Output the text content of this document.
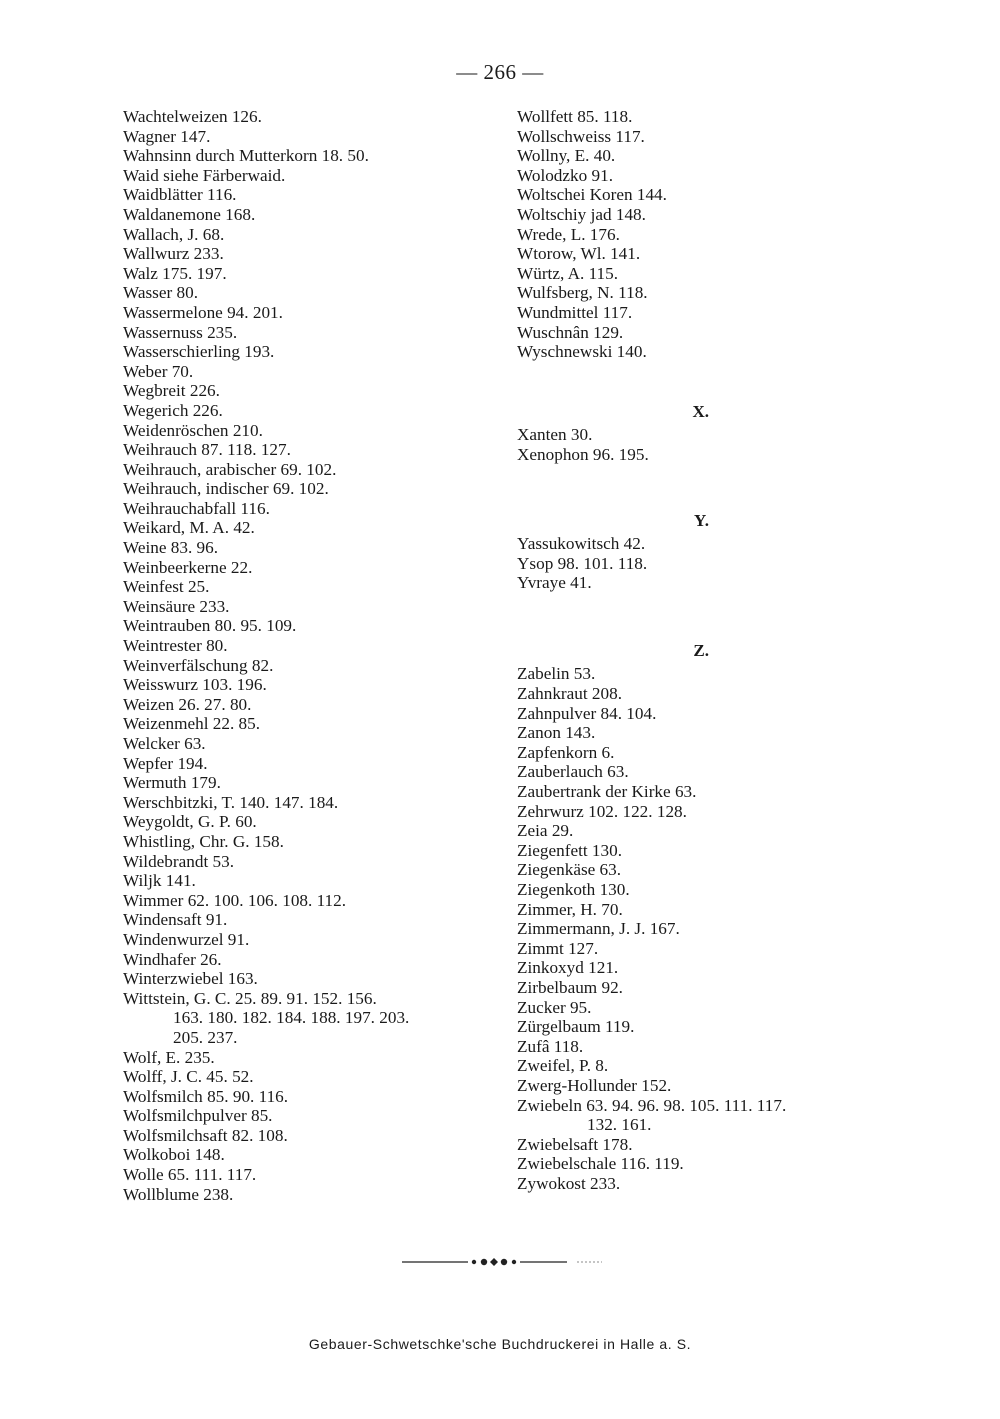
— 266 —
Wachtelweizen 126.
Wagner 147.
Wahnsinn durch Mutterkorn 18. 50.
Waid siehe Färberwaid.
Waidblätter 116.
Waldanemone 168.
Wallach, J. 68.
Wallwurz 233.
Walz 175. 197.
Wasser 80.
Wassermelone 94. 201.
Wassernuss 235.
Wasserschierling 193.
Weber 70.
Wegbreit 226.
Wegerich 226.
Weidenröschen 210.
Weihrauch 87. 118. 127.
Weihrauch, arabischer 69. 102.
Weihrauch, indischer 69. 102.
Weihrauchabfall 116.
Weikard, M. A. 42.
Weine 83. 96.
Weinbeerkerne 22.
Weinfest 25.
Weinsäure 233.
Weintrauben 80. 95. 109.
Weintrester 80.
Weinverfälschung 82.
Weisswurz 103. 196.
Weizen 26. 27. 80.
Weizenmehl 22. 85.
Welcker 63.
Wepfer 194.
Wermuth 179.
Werschbitzki, T. 140. 147. 184.
Weygoldt, G. P. 60.
Whistling, Chr. G. 158.
Wildebrandt 53.
Wiljk 141.
Wimmer 62. 100. 106. 108. 112.
Windensaft 91.
Windenwurzel 91.
Windhafer 26.
Winterzwiebel 163.
Wittstein, G. C. 25. 89. 91. 152. 156.
163. 180. 182. 184. 188. 197. 203.
205. 237.
Wolf, E. 235.
Wolff, J. C. 45. 52.
Wolfsmilch 85. 90. 116.
Wolfsmilchpulver 85.
Wolfsmilchsaft 82. 108.
Wolkoboi 148.
Wolle 65. 111. 117.
Wollblume 238.
Wollfett 85. 118.
Wollschweiss 117.
Wollny, E. 40.
Wolodzko 91.
Woltschei Koren 144.
Woltschiy jad 148.
Wrede, L. 176.
Wtorow, Wl. 141.
Würtz, A. 115.
Wulfsberg, N. 118.
Wundmittel 117.
Wuschnân 129.
Wyschnewski 140.
X.
Xanten 30.
Xenophon 96. 195.
Y.
Yassukowitsch 42.
Ysop 98. 101. 118.
Yvraye 41.
Z.
Zabelin 53.
Zahnkraut 208.
Zahnpulver 84. 104.
Zanon 143.
Zapfenkorn 6.
Zauberlauch 63.
Zaubertrank der Kirke 63.
Zehrwurz 102. 122. 128.
Zeia 29.
Ziegenfett 130.
Ziegenkäse 63.
Ziegenkoth 130.
Zimmer, H. 70.
Zimmermann, J. J. 167.
Zimmt 127.
Zinkoxyd 121.
Zirbelbaum 92.
Zucker 95.
Zürgelbaum 119.
Zufâ 118.
Zweifel, P. 8.
Zwerg-Hollunder 152.
Zwiebeln 63. 94. 96. 98. 105. 111. 117.
132. 161.
Zwiebelsaft 178.
Zwiebelschale 116. 119.
Zywokost 233.
Gebauer-Schwetschke'sche Buchdruckerei in Halle a. S.
